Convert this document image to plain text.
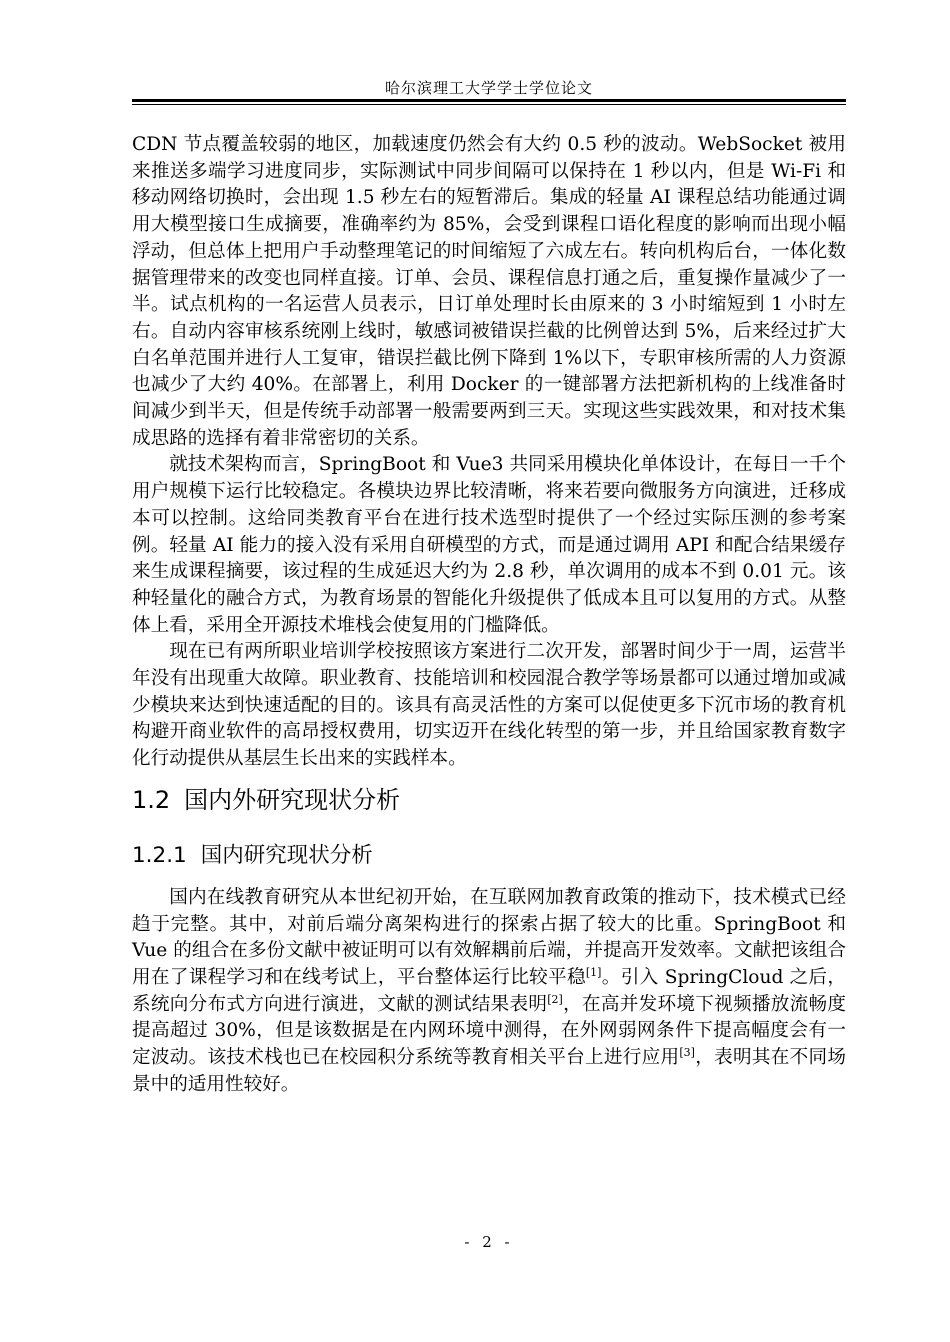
哈尔滨理工大学学士学位论文

CDN 节点覆盖较弱的地区，加载速度仍然会有大约 0.5 秒的波动。WebSocket 被用来推送多端学习进度同步，实际测试中同步间隔可以保持在 1 秒以内，但是 Wi-Fi 和移动网络切换时，会出现 1.5 秒左右的短暂滞后。集成的轻量 AI 课程总结功能通过调用大模型接口生成摘要，准确率约为 85%，会受到课程口语化程度的影响而出现小幅浮动，但总体上把用户手动整理笔记的时间缩短了六成左右。转向机构后台，一体化数据管理带来的改变也同样直接。订单、会员、课程信息打通之后，重复操作量减少了一半。试点机构的一名运营人员表示，日订单处理时长由原来的 3 小时缩短到 1 小时左右。自动内容审核系统刚上线时，敏感词被错误拦截的比例曾达到 5%，后来经过扩大白名单范围并进行人工复审，错误拦截比例下降到 1%以下，专职审核所需的人力资源也减少了大约 40%。在部署上，利用 Docker 的一键部署方法把新机构的上线准备时间减少到半天，但是传统手动部署一般需要两到三天。实现这些实践效果，和对技术集成思路的选择有着非常密切的关系。

就技术架构而言，SpringBoot 和 Vue3 共同采用模块化单体设计，在每日一千个用户规模下运行比较稳定。各模块边界比较清晰，将来若要向微服务方向演进，迁移成本可以控制。这给同类教育平台在进行技术选型时提供了一个经过实际压测的参考案例。轻量 AI 能力的接入没有采用自研模型的方式，而是通过调用 API 和配合结果缓存来生成课程摘要，该过程的生成延迟大约为 2.8 秒，单次调用的成本不到 0.01 元。该种轻量化的融合方式，为教育场景的智能化升级提供了低成本且可以复用的方式。从整体上看，采用全开源技术堆栈会使复用的门槛降低。

现在已有两所职业培训学校按照该方案进行二次开发，部署时间少于一周，运营半年没有出现重大故障。职业教育、技能培训和校园混合教学等场景都可以通过增加或减少模块来达到快速适配的目的。该具有高灵活性的方案可以促使更多下沉市场的教育机构避开商业软件的高昂授权费用，切实迈开在线化转型的第一步，并且给国家教育数字化行动提供从基层生长出来的实践样本。

1.2 国内外研究现状分析
1.2.1 国内研究现状分析

国内在线教育研究从本世纪初开始，在互联网加教育政策的推动下，技术模式已经趋于完整。其中，对前后端分离架构进行的探索占据了较大的比重。SpringBoot 和 Vue 的组合在多份文献中被证明可以有效解耦前后端，并提高开发效率。文献把该组合用在了课程学习和在线考试上，平台整体运行比较平稳[1]。引入 SpringCloud 之后，系统向分布式方向进行演进，文献的测试结果表明[2]，在高并发环境下视频播放流畅度提高超过 30%，但是该数据是在内网环境中测得，在外网弱网条件下提高幅度会有一定波动。该技术栈也已在校园积分系统等教育相关平台上进行应用[3]，表明其在不同场景中的适用性较好。

- 2 -
